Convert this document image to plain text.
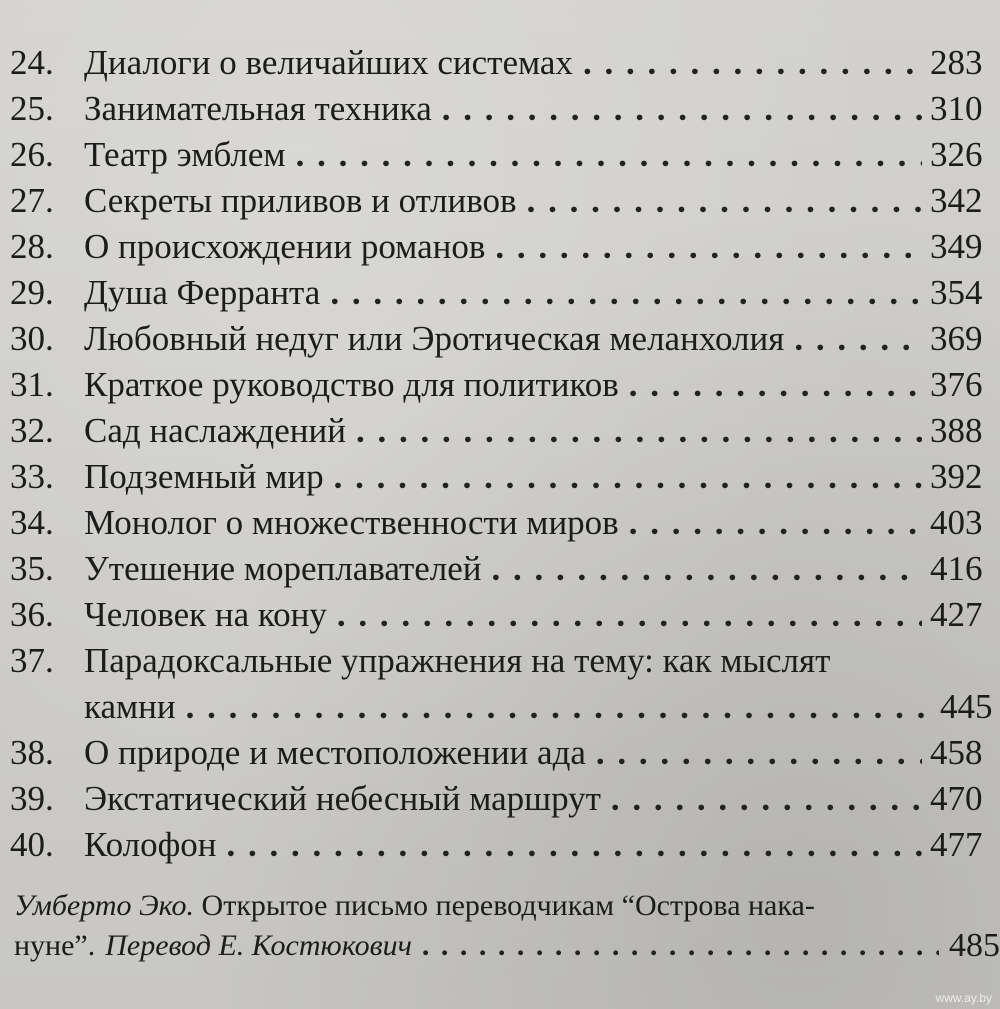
24. Диалоги о величайших системах . . .	283
25. Занимательная техника . . .	310
26. Театр эмблем . . .	326
27. Секреты приливов и отливов . . .	342
28. О происхождении романов . . .	349
29. Душа Ферранта . . .	354
30. Любовный недуг или Эротическая меланхолия . . .	369
31. Краткое руководство для политиков . . .	376
32. Сад наслаждений . . .	388
33. Подземный мир . . .	392
34. Монолог о множественности миров . . .	403
35. Утешение мореплавателей . . .	416
36. Человек на кону . . .	427
37. Парадоксальные упражнения на тему: как мыслят
камни . . .	445
38. О природе и местоположении ада . . .	458
39. Экстатический небесный маршрут . . .	470
40. Колофон . . .	477
Умберто Эко. Открытое письмо переводчикам “Острова нака-
нуне”. Перевод Е. Костюкович . . .	485
www.ay.by
